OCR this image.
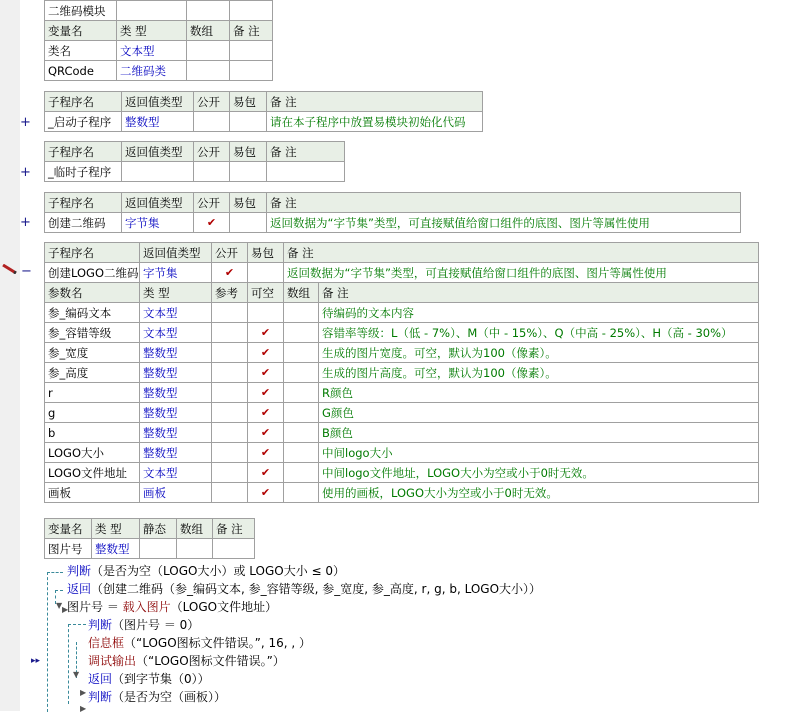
二维码模块			
变量名	类 型	数组	备 注
类名	文本型		
QRCode	二维码类		
+
子程序名	返回值类型	公开	易包	备 注
_启动子程序	整数型			请在本子程序中放置易模块初始化代码
+
子程序名	返回值类型	公开	易包	备 注
_临时子程序				
+
子程序名	返回值类型	公开	易包	备 注
创建二维码	字节集	✔		返回数据为“字节集”类型，可直接赋值给窗口组件的底图、图片等属性使用
−
子程序名	返回值类型	公开	易包	备 注	
创建LOGO二维码	字节集	✔		返回数据为“字节集”类型，可直接赋值给窗口组件的底图、图片等属性使用	
参数名	类 型	参考	可空	数组	备 注
参_编码文本	文本型				待编码的文本内容
参_容错等级	文本型		✔		容错率等级：L（低 - 7%）、M（中 - 15%）、Q（中高 - 25%）、H（高 - 30%）
参_宽度	整数型		✔		生成的图片宽度。可空，默认为100（像素）。
参_高度	整数型		✔		生成的图片高度。可空，默认为100（像素）。
r	整数型		✔		R颜色
g	整数型		✔		G颜色
b	整数型		✔		B颜色
LOGO大小	整数型		✔		中间logo大小
LOGO文件地址	文本型		✔		中间logo文件地址，LOGO大小为空或小于0时无效。
画板	画板		✔		使用的画板，LOGO大小为空或小于0时无效。
变量名	类 型	静态	数组	备 注
图片号	整数型			
▼ ▶
▼
▶
▶
▸▸
判断（是否为空（LOGO大小）或 LOGO大小 ≤ 0）
返回（创建二维码（参_编码文本, 参_容错等级, 参_宽度, 参_高度, r, g, b, LOGO大小））
图片号 ＝ 载入图片（LOGO文件地址）
判断（图片号 ＝ 0）
信息框（“LOGO图标文件错误。”, 16, , ）
调试输出（“LOGO图标文件错误。”）
返回（到字节集（0））
判断（是否为空（画板））
